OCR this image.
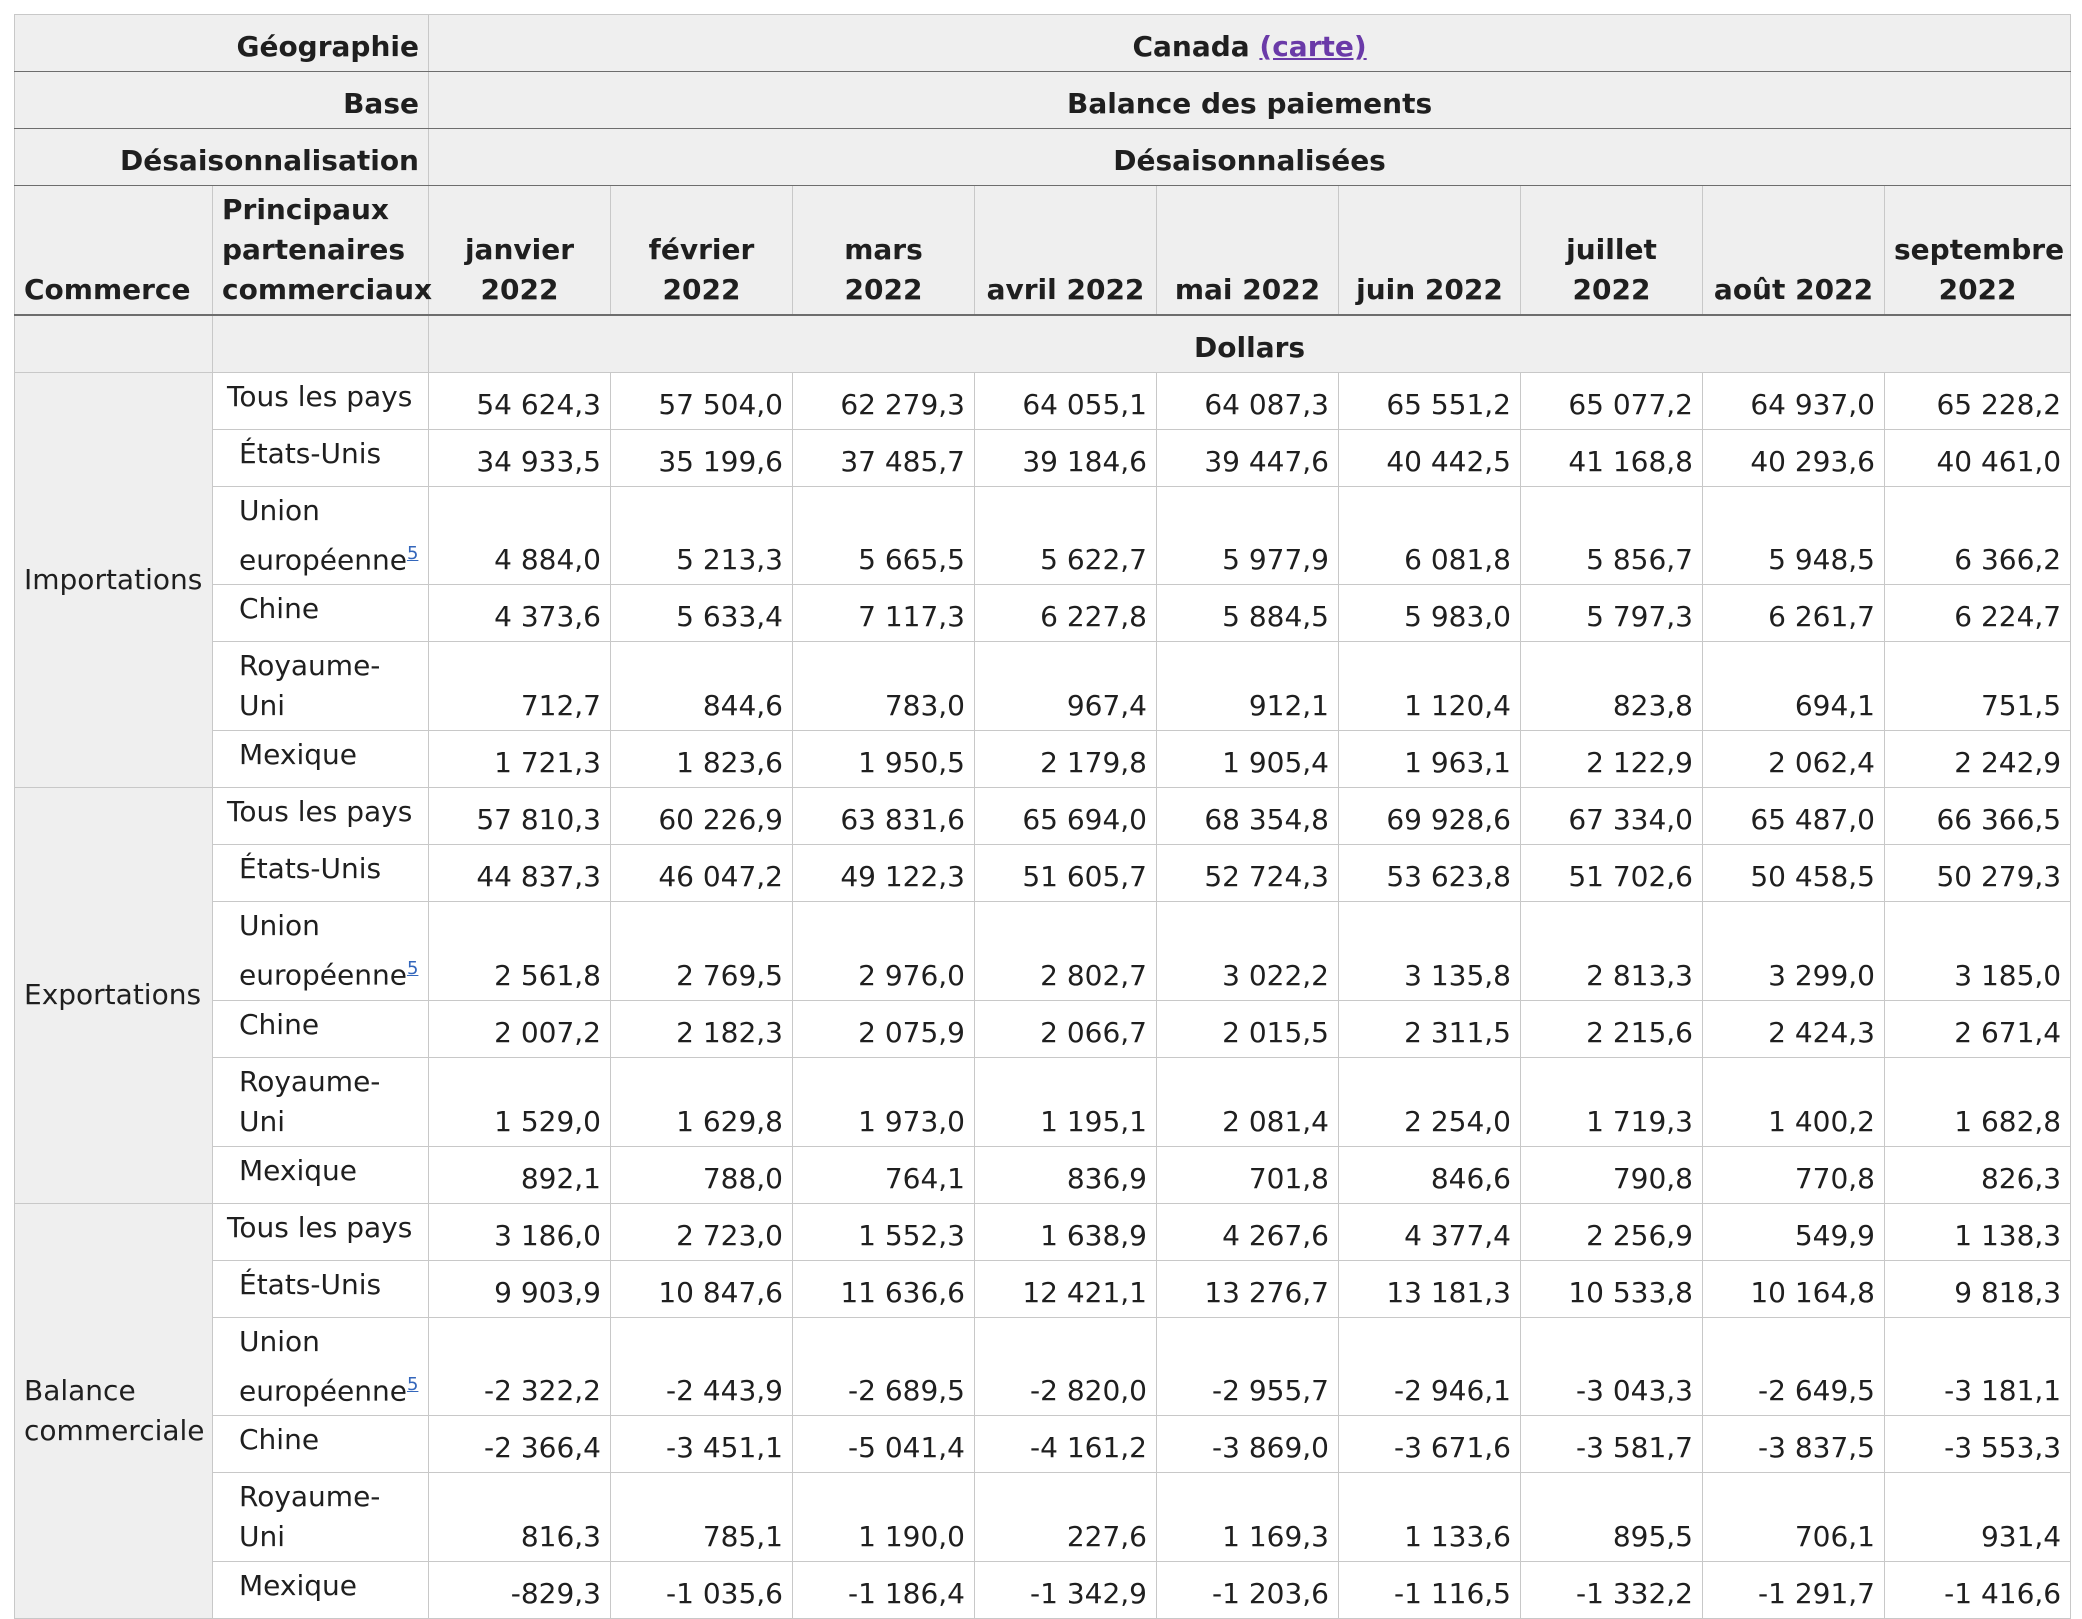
Géographie		Canada (carte)								
Base		Balance des paiements								
Désaisonnalisation		Désaisonnalisées								
Commerce	Principaux partenaires commerciaux	janvier 2022	février 2022	mars 2022	avril 2022	mai 2022	juin 2022	juillet 2022	août 2022	septembre 2022
		Dollars								
Importations	Tous les pays	54 624,3	57 504,0	62 279,3	64 055,1	64 087,3	65 551,2	65 077,2	64 937,0	65 228,2
	États-Unis	34 933,5	35 199,6	37 485,7	39 184,6	39 447,6	40 442,5	41 168,8	40 293,6	40 461,0
	Union européenne$^5$	4 884,0	5 213,3	5 665,5	5 622,7	5 977,9	6 081,8	5 856,7	5 948,5	6 366,2
	Chine	4 373,6	5 633,4	7 117,3	6 227,8	5 884,5	5 983,0	5 797,3	6 261,7	6 224,7
	Royaume-Uni	712,7	844,6	783,0	967,4	912,1	1 120,4	823,8	694,1	751,5
	Mexique	1 721,3	1 823,6	1 950,5	2 179,8	1 905,4	1 963,1	2 122,9	2 062,4	2 242,9
Exportations	Tous les pays	57 810,3	60 226,9	63 831,6	65 694,0	68 354,8	69 928,6	67 334,0	65 487,0	66 366,5
	États-Unis	44 837,3	46 047,2	49 122,3	51 605,7	52 724,3	53 623,8	51 702,6	50 458,5	50 279,3
	Union européenne$^5$	2 561,8	2 769,5	2 976,0	2 802,7	3 022,2	3 135,8	2 813,3	3 299,0	3 185,0
	Chine	2 007,2	2 182,3	2 075,9	2 066,7	2 015,5	2 311,5	2 215,6	2 424,3	2 671,4
	Royaume-Uni	1 529,0	1 629,8	1 973,0	1 195,1	2 081,4	2 254,0	1 719,3	1 400,2	1 682,8
	Mexique	892,1	788,0	764,1	836,9	701,8	846,6	790,8	770,8	826,3
Balance commerciale	Tous les pays	3 186,0	2 723,0	1 552,3	1 638,9	4 267,6	4 377,4	2 256,9	549,9	1 138,3
	États-Unis	9 903,9	10 847,6	11 636,6	12 421,1	13 276,7	13 181,3	10 533,8	10 164,8	9 818,3
	Union européenne$^5$	-2 322,2	-2 443,9	-2 689,5	-2 820,0	-2 955,7	-2 946,1	-3 043,3	-2 649,5	-3 181,1
	Chine	-2 366,4	-3 451,1	-5 041,4	-4 161,2	-3 869,0	-3 671,6	-3 581,7	-3 837,5	-3 553,3
	Royaume-Uni	816,3	785,1	1 190,0	227,6	1 169,3	1 133,6	895,5	706,1	931,4
	Mexique	-829,3	-1 035,6	-1 186,4	-1 342,9	-1 203,6	-1 116,5	-1 332,2	-1 291,7	-1 416,6
